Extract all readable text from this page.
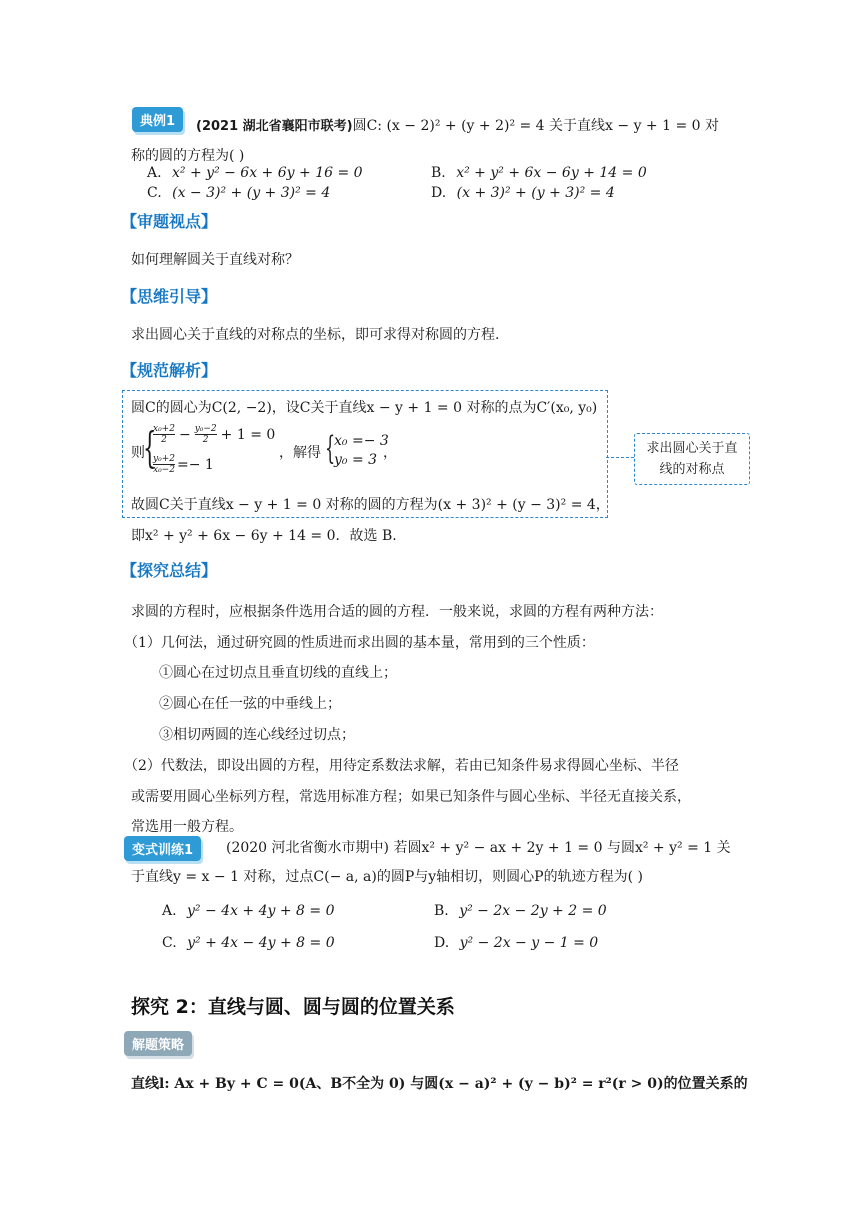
典例1	(2021 湖北省襄阳市联考)圆C: (x − 2)² + (y + 2)² = 4 关于直线x − y + 1 = 0 对
称的圆的方程为( )
A. x² + y² − 6x + 6y + 16 = 0	B. x² + y² + 6x − 6y + 14 = 0
C. (x − 3)² + (y + 3)² = 4	D. (x + 3)² + (y + 3)² = 4
【审题视点】
如何理解圆关于直线对称？
【思维引导】
求出圆心关于直线的对称点的坐标，即可求得对称圆的方程.
【规范解析】
圆C的圆心为C(2, −2)，设C关于直线x − y + 1 = 0 对称的点为C′(x₀, y₀)
则
{
$\frac{\text{x₀+2}}{2} - \frac{\text{y₀−2}}{2} + 1 = 0$
$\frac{\text{y₀+2}}{\text{x₀−2}} =- 1$
，解得 {
x₀ =− 3
y₀ = 3 ，
故圆C关于直线x − y + 1 = 0 对称的圆的方程为(x + 3)² + (y − 3)² = 4，
即x² + y² + 6x − 6y + 14 = 0．故选 B.
求出圆心关于直线的对称点
【探究总结】
求圆的方程时，应根据条件选用合适的圆的方程．一般来说，求圆的方程有两种方法：
（1）几何法，通过研究圆的性质进而求出圆的基本量，常用到的三个性质：
①圆心在过切点且垂直切线的直线上；
②圆心在任一弦的中垂线上；
③相切两圆的连心线经过切点；
（2）代数法，即设出圆的方程，用待定系数法求解，若由已知条件易求得圆心坐标、半径
或需要用圆心坐标列方程，常选用标准方程；如果已知条件与圆心坐标、半径无直接关系，
常选用一般方程。
变式训练1	(2020 河北省衡水市期中) 若圆x² + y² − ax + 2y + 1 = 0 与圆x² + y² = 1 关
于直线y = x − 1 对称，过点C(− a, a)的圆P与y轴相切，则圆心P的轨迹方程为( )
A. y² − 4x + 4y + 8 = 0	B. y² − 2x − 2y + 2 = 0
C. y² + 4x − 4y + 8 = 0	D. y² − 2x − y − 1 = 0
探究 2：直线与圆、圆与圆的位置关系
解题策略
直线l: Ax + By + C = 0(A、B不全为 0) 与圆(x − a)² + (y − b)² = r²(r > 0)的位置关系的
